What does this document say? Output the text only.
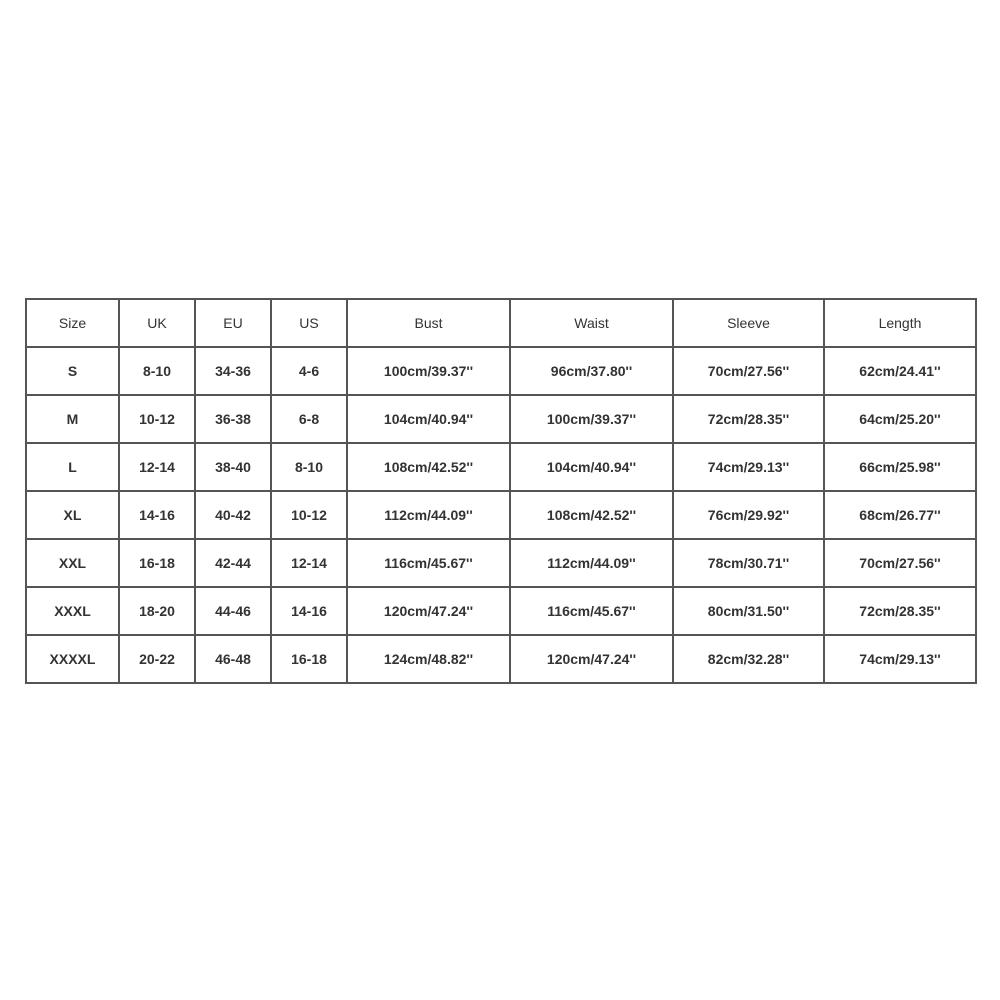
Size	UK	EU	US	Bust	Waist	Sleeve	Length
S	8-10	34-36	4-6	100cm/39.37''	96cm/37.80''	70cm/27.56''	62cm/24.41''
M	10-12	36-38	6-8	104cm/40.94''	100cm/39.37''	72cm/28.35''	64cm/25.20''
L	12-14	38-40	8-10	108cm/42.52''	104cm/40.94''	74cm/29.13''	66cm/25.98''
XL	14-16	40-42	10-12	112cm/44.09''	108cm/42.52''	76cm/29.92''	68cm/26.77''
XXL	16-18	42-44	12-14	116cm/45.67''	112cm/44.09''	78cm/30.71''	70cm/27.56''
XXXL	18-20	44-46	14-16	120cm/47.24''	116cm/45.67''	80cm/31.50''	72cm/28.35''
XXXXL	20-22	46-48	16-18	124cm/48.82''	120cm/47.24''	82cm/32.28''	74cm/29.13''
